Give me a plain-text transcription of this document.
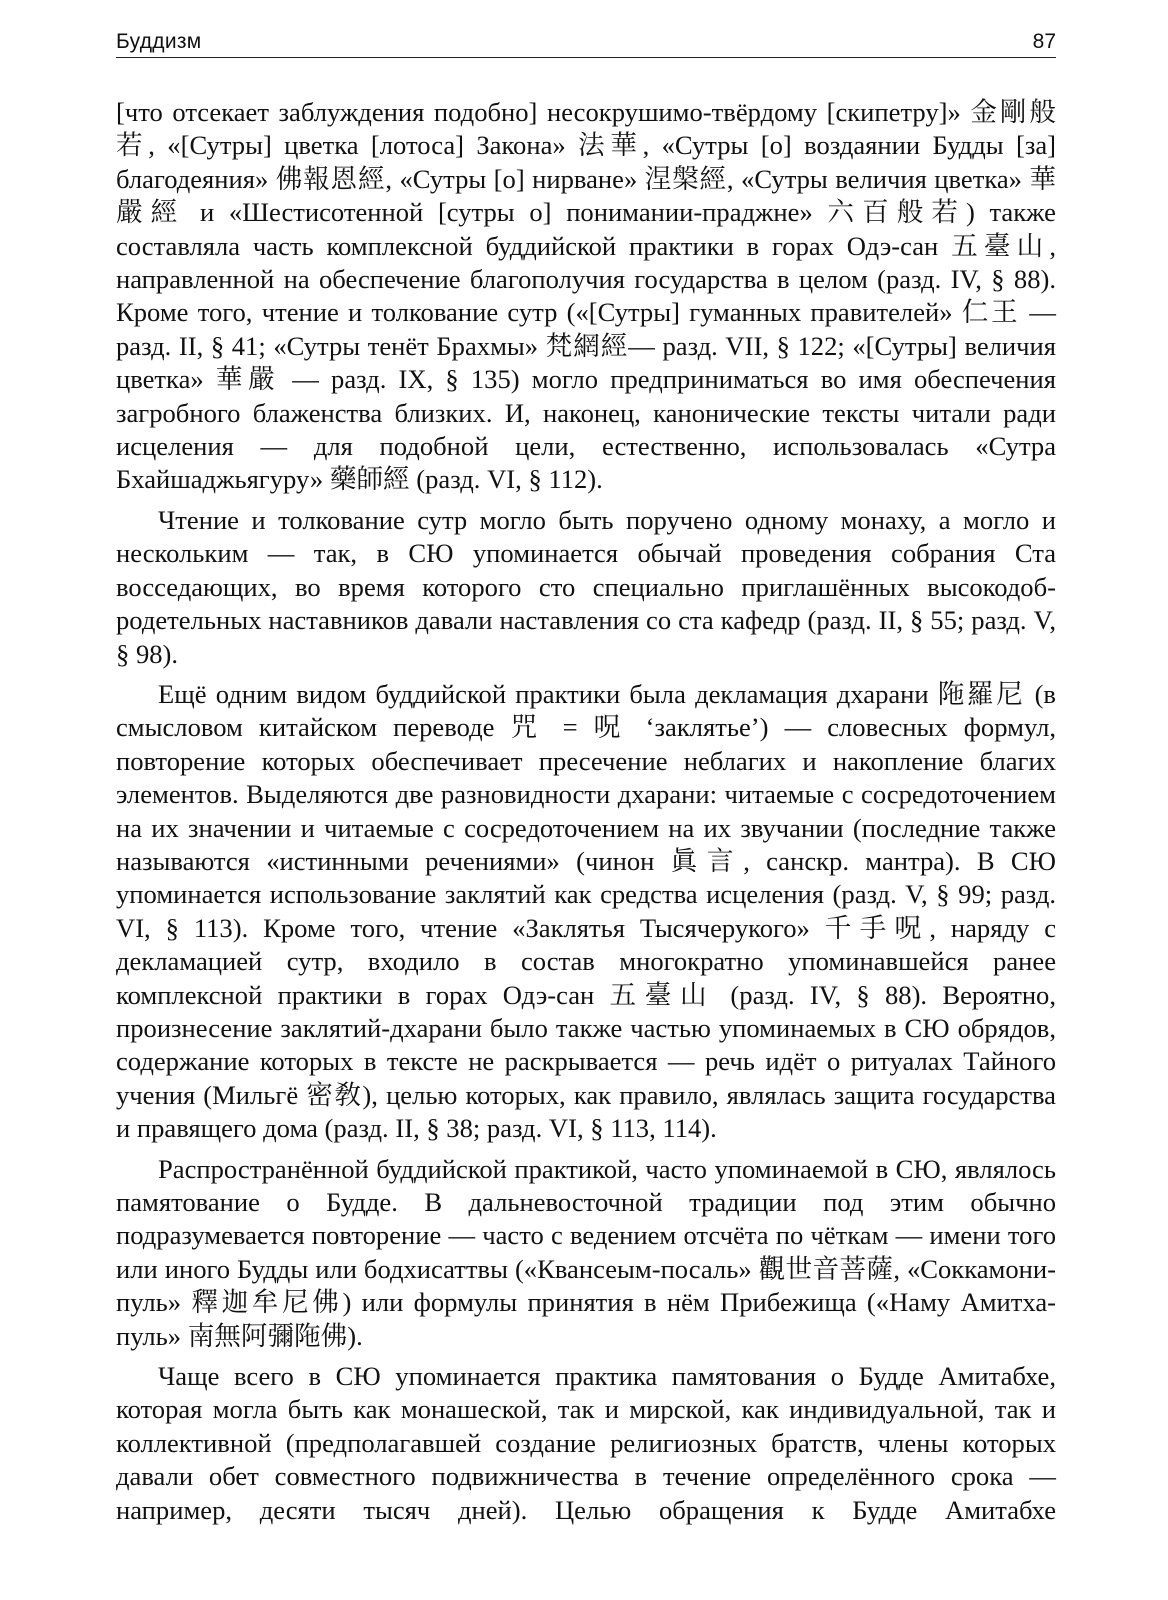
Буддизм	87

[что отсекает заблуждения подобно] несокрушимо-твёрдому [скипетру]» 金剛般若, «[Сутры] цветка [лотоса] Закона» 法華, «Сутры [о] воздаянии Будды [за] благодеяния» 佛報恩經, «Сутры [о] нирване» 涅槃經, «Сутры величия цветка» 華嚴經 и «Шестисотенной [сутры о] понимании-праджне» 六百般若) также составляла часть комплексной буддийской практики в горах Одэ-сан 五臺山, направленной на обеспечение благополучия государства в целом (разд. IV, § 88). Кроме того, чтение и толкование сутр («[Сутры] гуманных правителей» 仁王 — разд. II, § 41; «Сутры тенёт Брахмы» 梵網經— разд. VII, § 122; «[Сутры] величия цветка» 華嚴 — разд. IX, § 135) могло предприниматься во имя обеспечения загробного блаженства близких. И, наконец, канонические тексты читали ради исцеления — для подобной цели, естественно, использовалась «Сутра Бхайшаджьягуру» 藥師經 (разд. VI, § 112).

Чтение и толкование сутр могло быть поручено одному монаху, а могло и нескольким — так, в СЮ упоминается обычай проведения собрания Ста восседающих, во время которого сто специально приглашённых высокодобродетельных наставников давали наставления со ста кафедр (разд. II, § 55; разд. V, § 98).

Ещё одним видом буддийской практики была декламация дхарани 陁羅尼 (в смысловом китайском переводе 咒 = 呪 ‘заклятье’) — словесных формул, повторение которых обеспечивает пресечение неблагих и накопление благих элементов. Выделяются две разновидности дхарани: читаемые с сосредоточением на их значении и читаемые с сосредоточением на их звучании (последние также называются «истинными речениями» (чинон 眞言, санскр. мантра). В СЮ упоминается использование заклятий как средства исцеления (разд. V, § 99; разд. VI, § 113). Кроме того, чтение «Заклятья Тысячерукого» 千手呪, наряду с декламацией сутр, входило в состав многократно упоминавшейся ранее комплексной практики в горах Одэ-сан 五臺山 (разд. IV, § 88). Вероятно, произнесение заклятий-дхарани было также частью упоминаемых в СЮ обрядов, содержание которых в тексте не раскрывается — речь идёт о ритуалах Тайного учения (Мильгё 密敎), целью которых, как правило, являлась защита государства и правящего дома (разд. II, § 38; разд. VI, § 113, 114).

Распространённой буддийской практикой, часто упоминаемой в СЮ, являлось памятование о Будде. В дальневосточной традиции под этим обычно подразумевается повторение — часто с ведением отсчёта по чёткам — имени того или иного Будды или бодхисаттвы («Квансеым-посаль» 觀世音菩薩, «Соккамони-пуль» 釋迦牟尼佛) или формулы принятия в нём Прибежища («Наму Амитха-пуль» 南無阿彌陁佛).

Чаще всего в СЮ упоминается практика памятования о Будде Амитабхе, которая могла быть как монашеской, так и мирской, как индивидуальной, так и коллективной (предполагавшей создание религиозных братств, члены которых давали обет совместного подвижничества в течение определённого срока — например, десяти тысяч дней). Целью обращения к Будде Амитабхе
